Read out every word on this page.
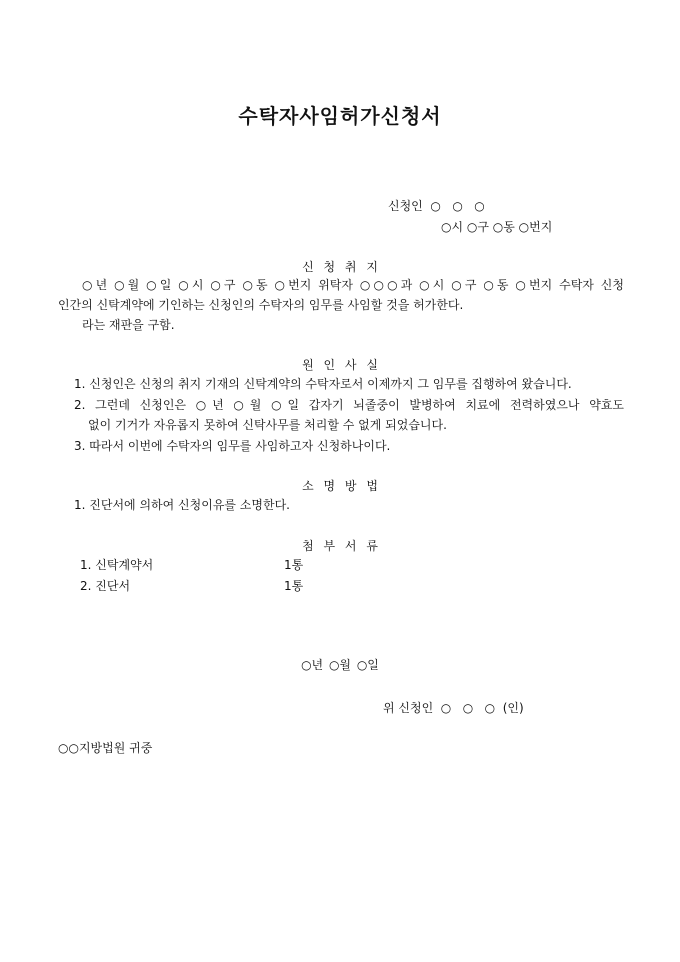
수탁자사임허가신청서
신청인  ○   ○   ○
○시 ○구 ○동 ○번지
신 청 취 지
○년 ○월 ○일 ○시 ○구 ○동 ○번지 위탁자 ○○○과 ○시 ○구 ○동 ○번지 수탁자 신청
인간의 신탁계약에 기인하는 신청인의 수탁자의 임무를 사임할 것을 허가한다.
라는 재판을 구함.
원 인 사 실
1. 신청인은 신청의 취지 기재의 신탁계약의 수탁자로서 이제까지 그 임무를 집행하여 왔습니다.
2. 그런데 신청인은 ○년 ○월 ○일 갑자기 뇌졸중이 발병하여 치료에 전력하였으나 약효도
없이 기거가 자유롭지 못하여 신탁사무를 처리할 수 없게 되었습니다.
3. 따라서 이번에 수탁자의 임무를 사임하고자 신청하나이다.
소 명 방 법
1. 진단서에 의하여 신청이유를 소명한다.
첨 부 서 류
1. 신탁계약서	1통
2. 진단서	1통
○년 ○월 ○일
위 신청인  ○   ○   ○  (인)
○○지방법원 귀중
